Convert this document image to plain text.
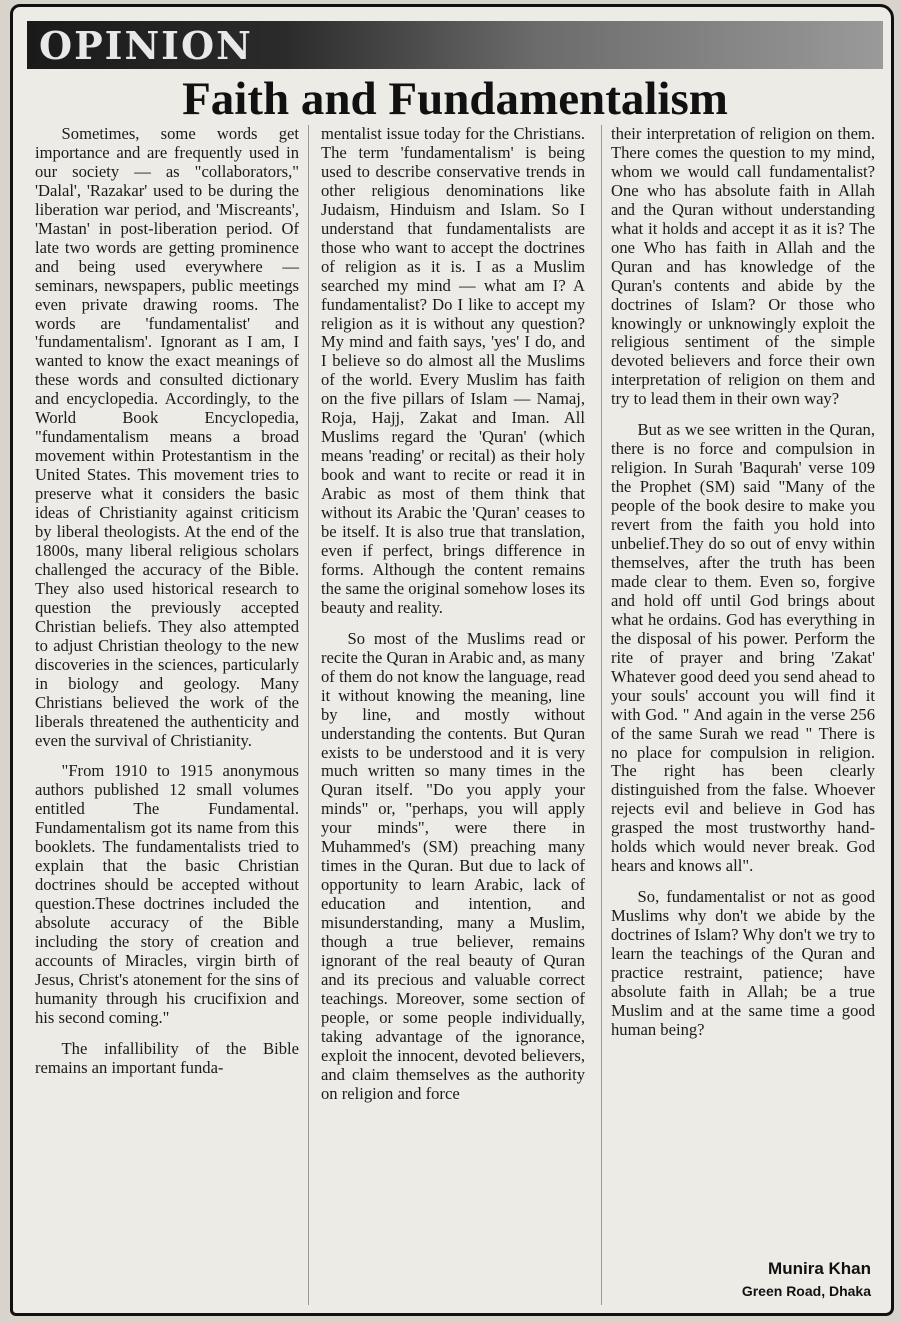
OPINION
Faith and Fundamentalism

Sometimes, some words get importance and are frequently used in our society — as "collaborators," 'Dalal', 'Razakar' used to be during the liberation war period, and 'Miscreants', 'Mastan' in post-liberation period. Of late two words are getting prominence and being used everywhere — seminars, newspapers, public meetings even private drawing rooms. The words are 'fundamentalist' and 'fundamentalism'. Ignorant as I am, I wanted to know the exact meanings of these words and consulted dictionary and encyclopedia. Accordingly, to the World Book Encyclopedia, "fundamentalism means a broad movement within Protestantism in the United States. This movement tries to preserve what it considers the basic ideas of Christianity against criticism by liberal theologists. At the end of the 1800s, many liberal religious scholars challenged the accuracy of the Bible. They also used historical research to question the previously accepted Christian beliefs. They also attempted to adjust Christian theology to the new discoveries in the sciences, particularly in biology and geology. Many Christians believed the work of the liberals threatened the authenticity and even the survival of Christianity.

"From 1910 to 1915 anonymous authors published 12 small volumes entitled The Fundamental. Fundamentalism got its name from this booklets. The fundamentalists tried to explain that the basic Christian doctrines should be accepted without question.These doctrines included the absolute accuracy of the Bible including the story of creation and accounts of Miracles, virgin birth of Jesus, Christ's atonement for the sins of humanity through his crucifixion and his second coming."

The infallibility of the Bible remains an important funda-

mentalist issue today for the Christians. The term 'fundamentalism' is being used to describe conservative trends in other religious denominations like Judaism, Hinduism and Islam. So I understand that fundamentalists are those who want to accept the doctrines of religion as it is. I as a Muslim searched my mind — what am I? A fundamentalist? Do I like to accept my religion as it is without any question? My mind and faith says, 'yes' I do, and I believe so do almost all the Muslims of the world. Every Muslim has faith on the five pillars of Islam — Namaj, Roja, Hajj, Zakat and Iman. All Muslims regard the 'Quran' (which means 'reading' or recital) as their holy book and want to recite or read it in Arabic as most of them think that without its Arabic the 'Quran' ceases to be itself. It is also true that translation, even if perfect, brings difference in forms. Although the content remains the same the original somehow loses its beauty and reality.

So most of the Muslims read or recite the Quran in Arabic and, as many of them do not know the language, read it without knowing the meaning, line by line, and mostly without understanding the contents. But Quran exists to be understood and it is very much written so many times in the Quran itself. "Do you apply your minds" or, "perhaps, you will apply your minds", were there in Muhammed's (SM) preaching many times in the Quran. But due to lack of opportunity to learn Arabic, lack of education and intention, and misunderstanding, many a Muslim, though a true believer, remains ignorant of the real beauty of Quran and its precious and valuable correct teachings. Moreover, some section of people, or some people individually, taking advantage of the ignorance, exploit the innocent, devoted believers, and claim themselves as the authority on religion and force

their interpretation of religion on them. There comes the question to my mind, whom we would call fundamentalist? One who has absolute faith in Allah and the Quran without understanding what it holds and accept it as it is? The one Who has faith in Allah and the Quran and has knowledge of the Quran's contents and abide by the doctrines of Islam? Or those who knowingly or unknowingly exploit the religious sentiment of the simple devoted believers and force their own interpretation of religion on them and try to lead them in their own way?

But as we see written in the Quran, there is no force and compulsion in religion. In Surah 'Baqurah' verse 109 the Prophet (SM) said "Many of the people of the book desire to make you revert from the faith you hold into unbelief.They do so out of envy within themselves, after the truth has been made clear to them. Even so, forgive and hold off until God brings about what he ordains. God has everything in the disposal of his power. Perform the rite of prayer and bring 'Zakat' Whatever good deed you send ahead to your souls' account you will find it with God. " And again in the verse 256 of the same Surah we read " There is no place for compulsion in religion. The right has been clearly distinguished from the false. Whoever rejects evil and believe in God has grasped the most trustworthy hand-holds which would never break. God hears and knows all".

So, fundamentalist or not as good Muslims why don't we abide by the doctrines of Islam? Why don't we try to learn the teachings of the Quran and practice restraint, patience; have absolute faith in Allah; be a true Muslim and at the same time a good human being?

Munira Khan
Green Road, Dhaka
